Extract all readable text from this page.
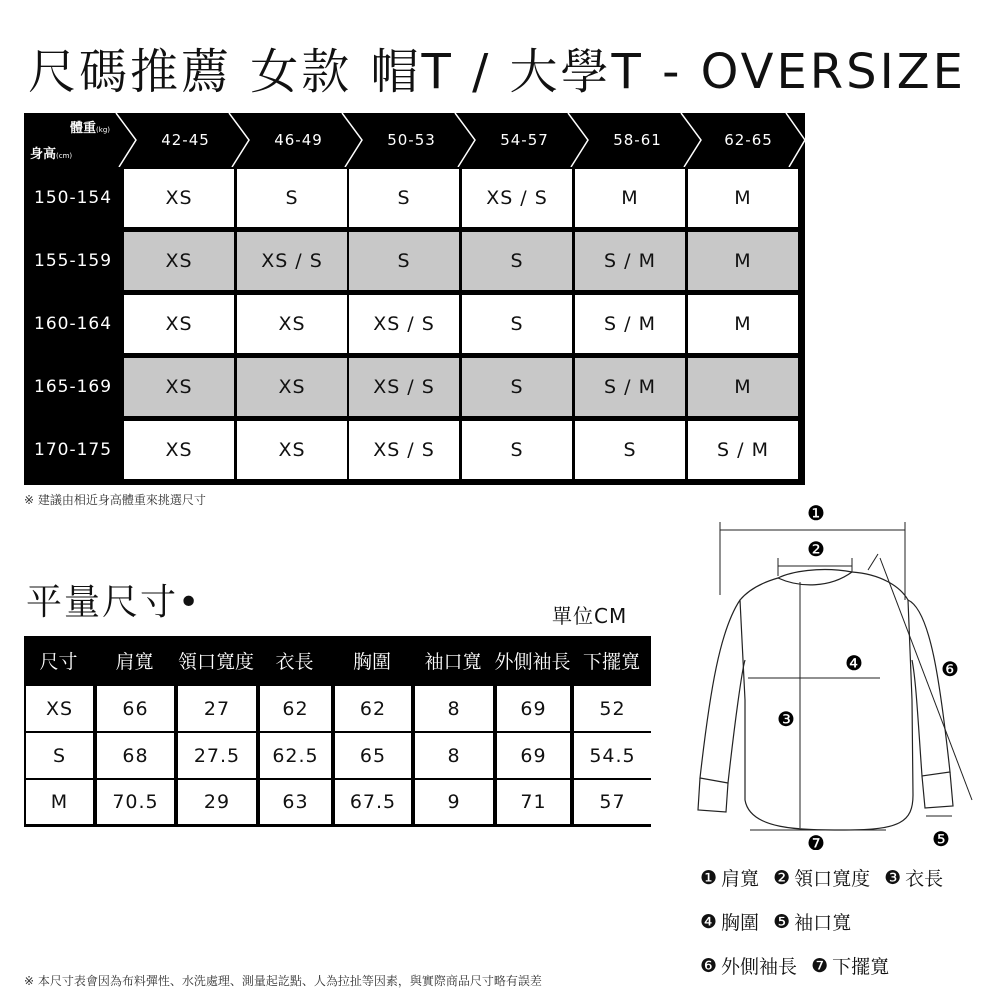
尺碼推薦 女款 帽T / 大學T - OVERSIZE
體重(kg)
身高(cm)
42-45	46-49	50-53	54-57	58-61	62-65
150-154	XS	S	S	XS / S	M	M
155-159	XS	XS / S	S	S	S / M	M
160-164	XS	XS	XS / S	S	S / M	M
165-169	XS	XS	XS / S	S	S / M	M
170-175	XS	XS	XS / S	S	S	S / M
※ 建議由相近身高體重來挑選尺寸
平量尺寸•	單位CM
尺寸	肩寬	領口寬度	衣長	胸圍	袖口寬 外側袖長 下擺寬
XS	66	27	62	62	8	69	52
S	68	27.5	62.5	65	8	69	54.5
M	70.5	29	63	67.5	9	71	57
❶
❷
❸
❹
❺
❻
❼
❶ 肩寬 ❷ 領口寬度 ❸ 衣長
❹ 胸圍 ❺ 袖口寬
❻ 外側袖長 ❼ 下擺寬
※ 本尺寸表會因為布料彈性、水洗處理、測量起訖點、人為拉扯等因素，與實際商品尺寸略有誤差
